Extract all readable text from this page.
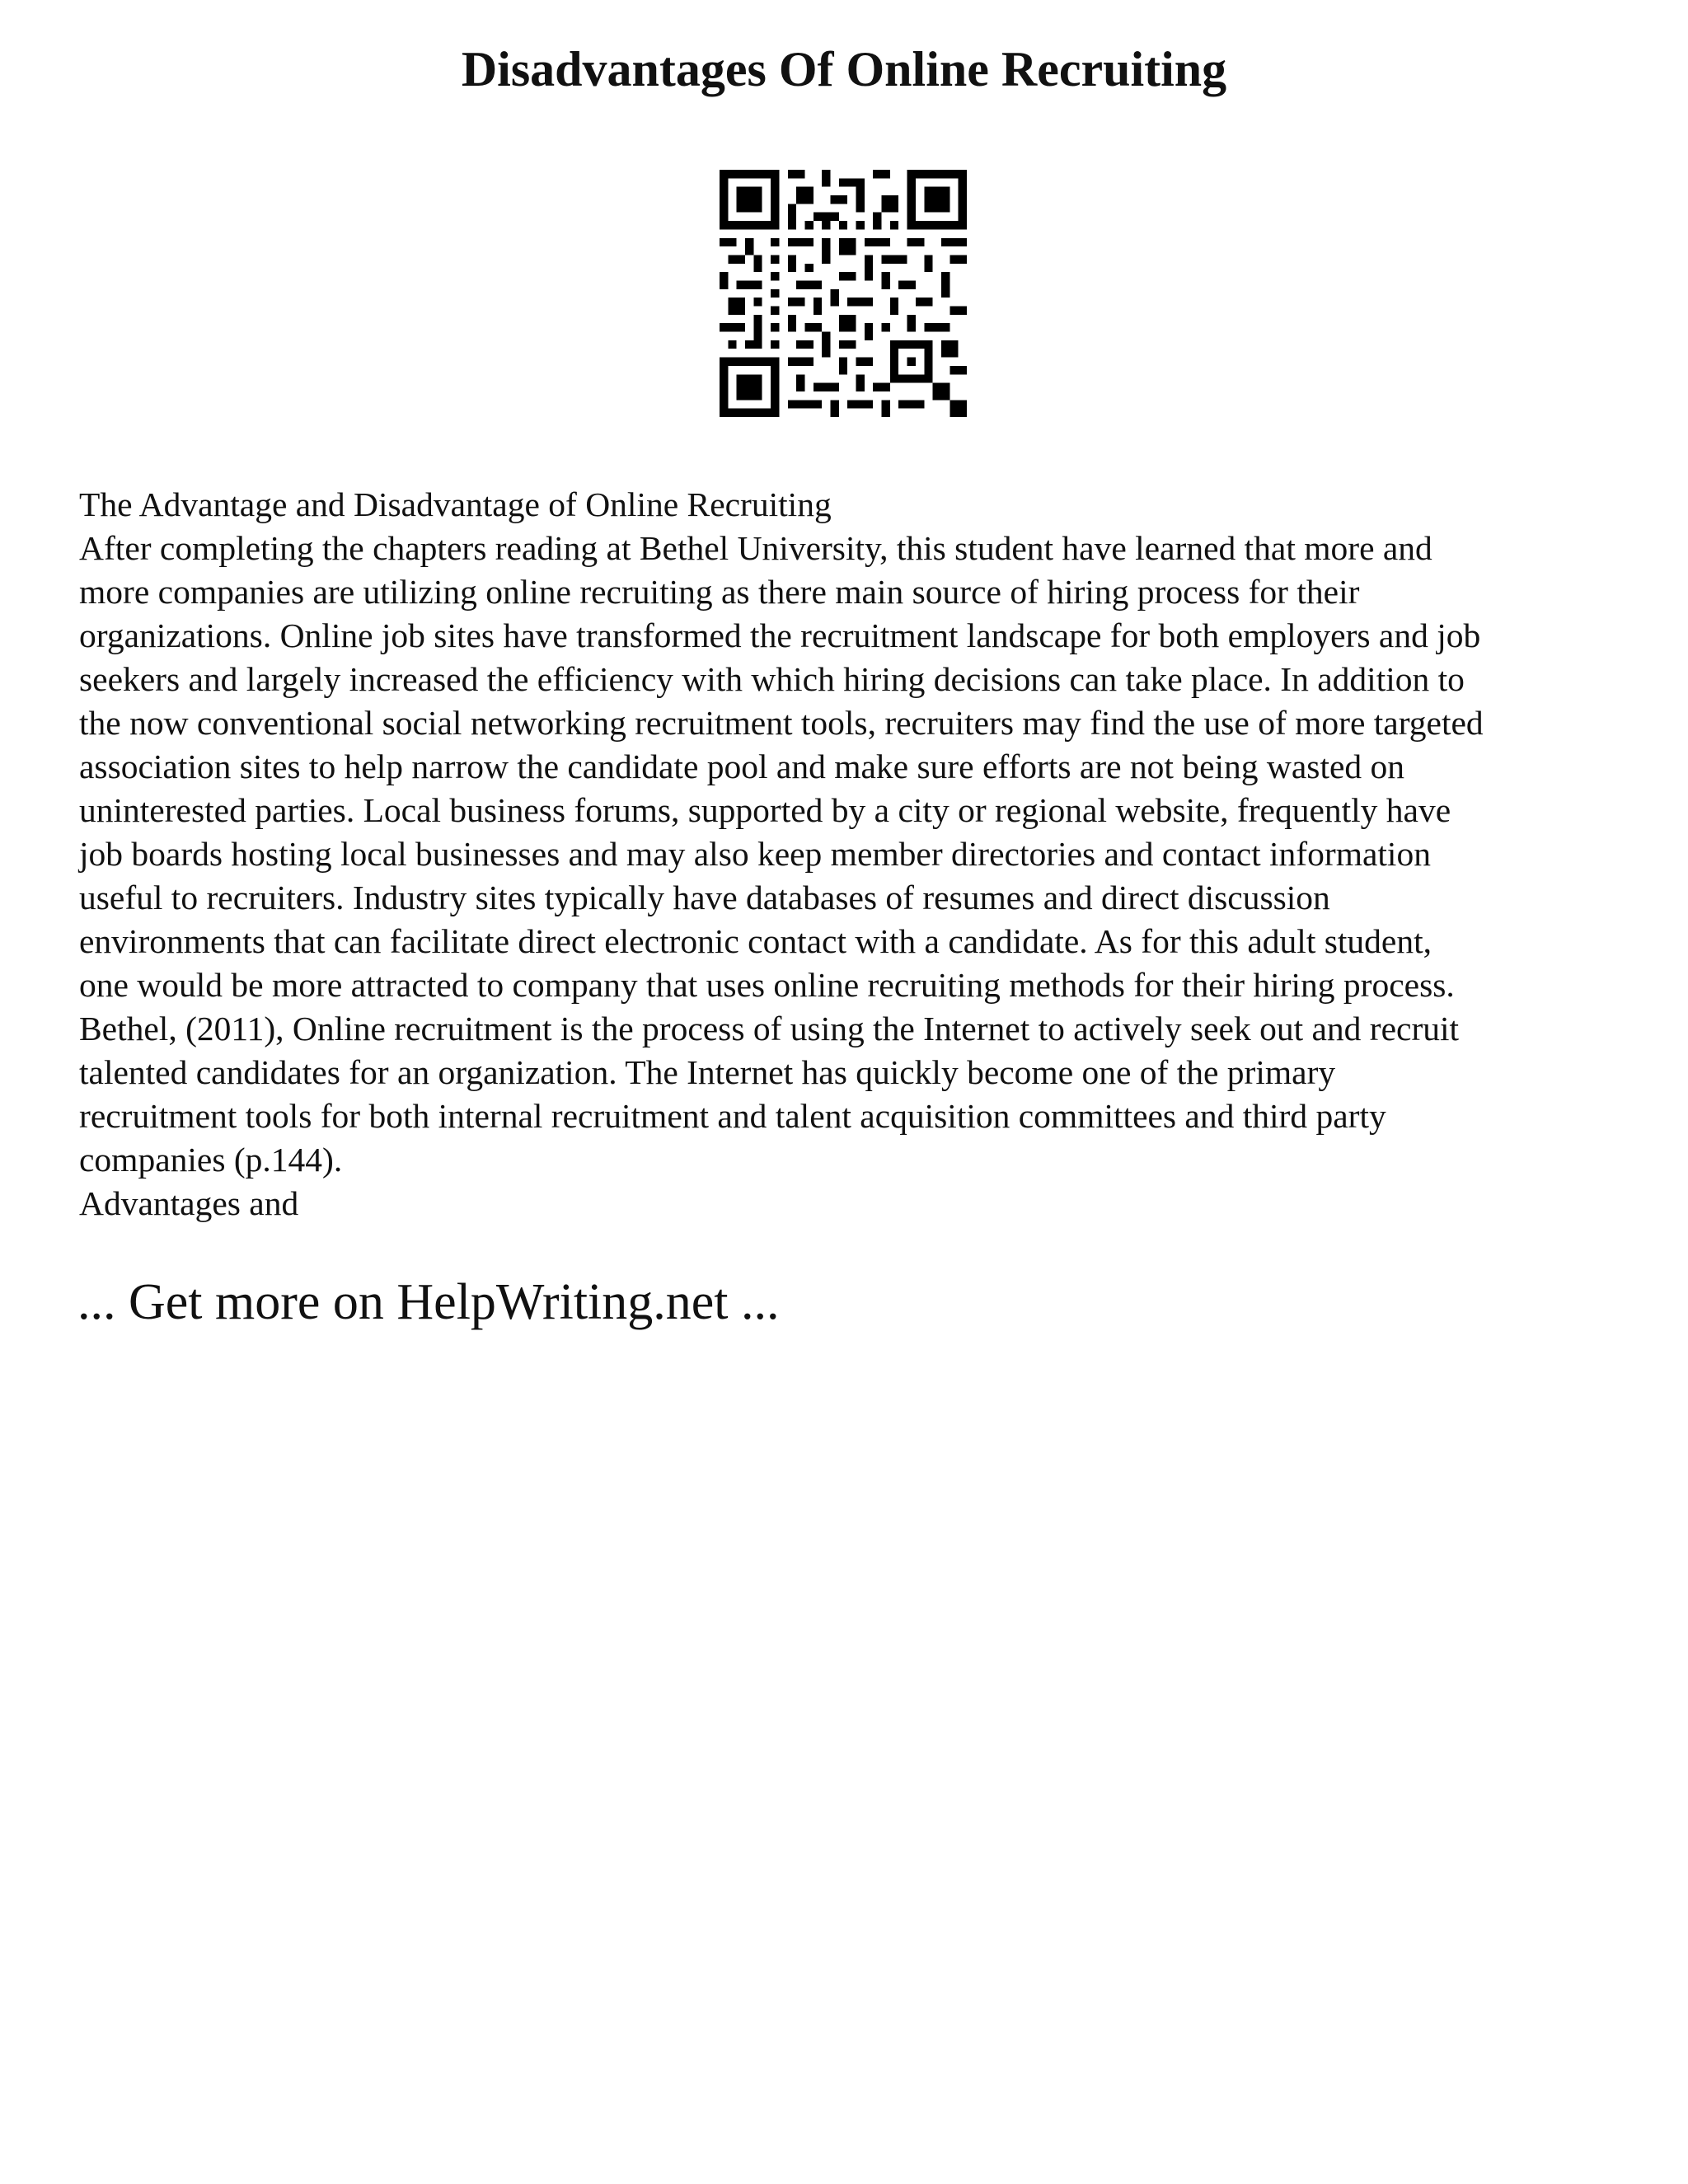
Disadvantages Of Online Recruiting
The Advantage and Disadvantage of Online Recruiting
After completing the chapters reading at Bethel University, this student have learned that more and
more companies are utilizing online recruiting as there main source of hiring process for their
organizations. Online job sites have transformed the recruitment landscape for both employers and job
seekers and largely increased the efficiency with which hiring decisions can take place. In addition to
the now conventional social networking recruitment tools, recruiters may find the use of more targeted
association sites to help narrow the candidate pool and make sure efforts are not being wasted on
uninterested parties. Local business forums, supported by a city or regional website, frequently have
job boards hosting local businesses and may also keep member directories and contact information
useful to recruiters. Industry sites typically have databases of resumes and direct discussion
environments that can facilitate direct electronic contact with a candidate. As for this adult student,
one would be more attracted to company that uses online recruiting methods for their hiring process.
Bethel, (2011), Online recruitment is the process of using the Internet to actively seek out and recruit
talented candidates for an organization. The Internet has quickly become one of the primary
recruitment tools for both internal recruitment and talent acquisition committees and third party
companies (p.144).
Advantages and
... Get more on HelpWriting.net ...
